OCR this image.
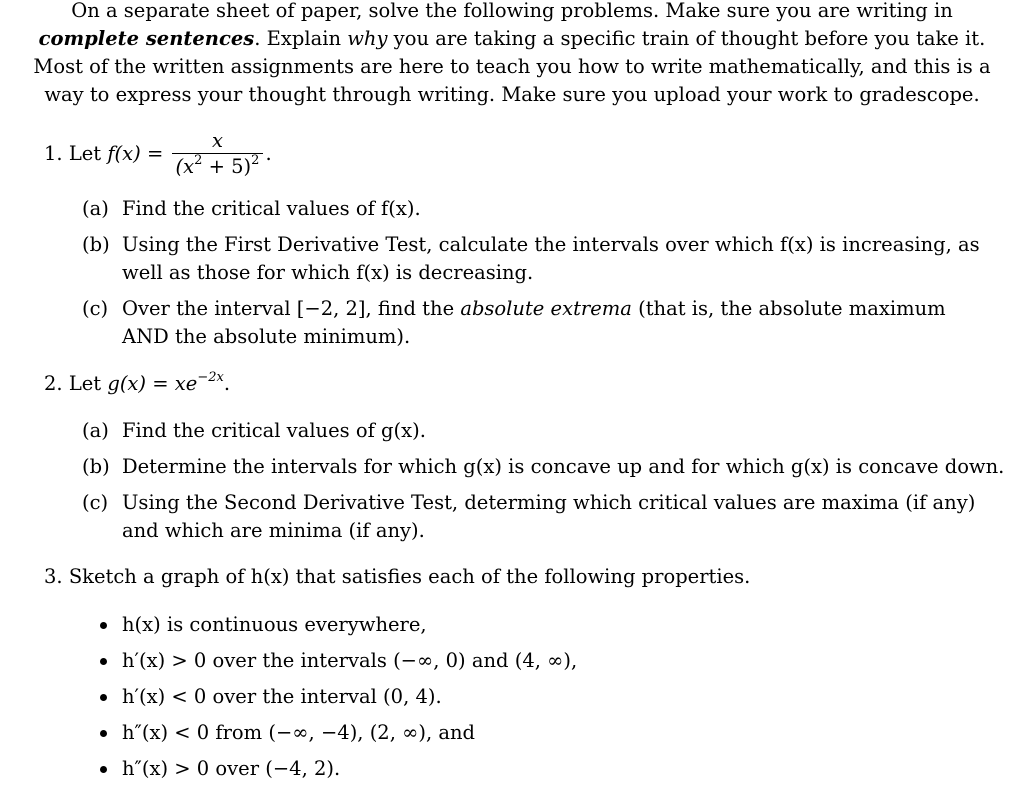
On a separate sheet of paper, solve the following problems. Make sure you are writing in
complete sentences. Explain why you are taking a specific train of thought before you take it. Most of the written assignments are here to teach you how to write mathematically, and this is a way to express your thought through writing. Make sure you upload your work to gradescope.

1. Let $f(x) = \frac{x}{(x^2 + 5)^2}$ .
(a) Find the critical values of f(x).
(b) Using the First Derivative Test, calculate the intervals over which f(x) is increasing, as well as those for which f(x) is decreasing.
(c) Over the interval [−2, 2], find the absolute extrema (that is, the absolute maximum AND the absolute minimum).
2. Let $g(x) = xe^{-2x}$.
(a) Find the critical values of g(x).
(b) Determine the intervals for which g(x) is concave up and for which g(x) is concave down.
(c) Using the Second Derivative Test, determing which critical values are maxima (if any) and which are minima (if any).
3. Sketch a graph of h(x) that satisfies each of the following properties.
h(x) is continuous everywhere,
h′(x) > 0 over the intervals (−∞, 0) and (4, ∞),
h′(x) < 0 over the interval (0, 4).
h″(x) < 0 from (−∞, −4), (2, ∞), and
h″(x) > 0 over (−4, 2).
